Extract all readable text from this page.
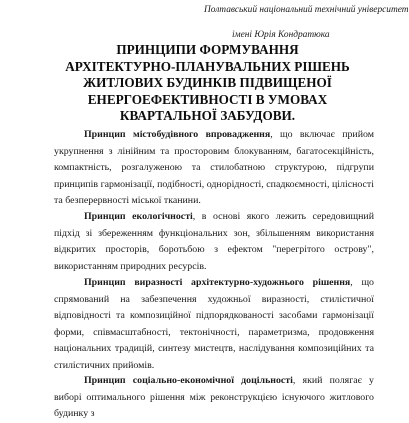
Полтавський національний технічний університет
імені Юрія Кондратюка
ПРИНЦИПИ ФОРМУВАННЯ АРХІТЕКТУРНО-ПЛАНУВАЛЬНИХ РІШЕНЬ ЖИТЛОВИХ БУДИНКІВ ПІДВИЩЕНОЇ ЕНЕРГОЕФЕКТИВНОСТІ В УМОВАХ КВАРТАЛЬНОЇ ЗАБУДОВИ.

Принцип містобудівного впровадження, що включає прийом укрупнення з лінійним та просторовим блокуванням, багатосекційність, компактність, розгалуженою та стилобатною структурою, підгрупи принципів гармонізації, подібності, однорідності, спадкоємності, цілісності та безперервності міської тканини.

Принцип екологічності, в основі якого лежить середовищний підхід зі збереженням функціональних зон, збільшенням використання відкритих просторів, боротьбою з ефектом "перегрітого острову", використанням природних ресурсів.

Принцип виразності архітектурно-художнього рішення, що спрямований на забезпечення художньої виразності, стилістичної відповідності та композиційної підпорядкованості засобами гармонізації форми, співмасштабності, тектонічності, параметризма, продовження національних традицій, синтезу мистецтв, наслідування композиційних та стилістичних прийомів.

Принцип соціально-економічної доцільності, який полягає у виборі оптимального рішення між реконструкцією існуючого житлового будинку з
